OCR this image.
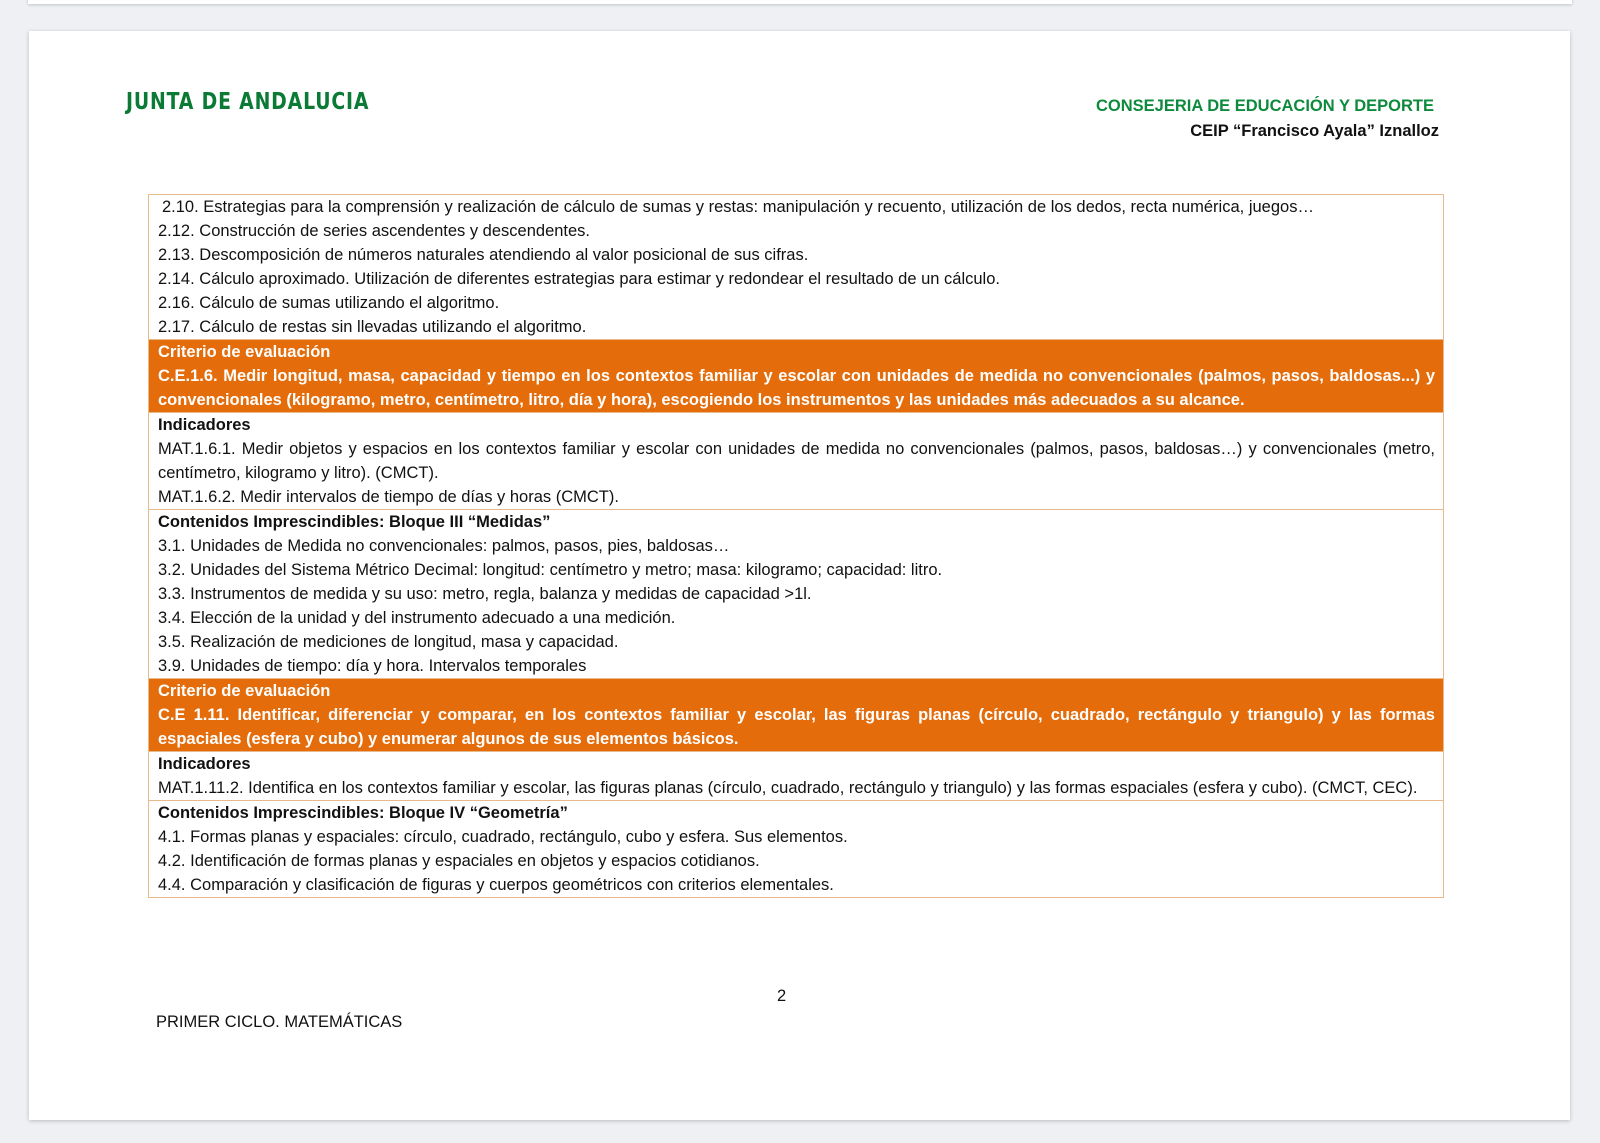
JUNTA DE ANDALUCIA	CONSEJERIA DE EDUCACIÓN Y DEPORTE
CEIP “Francisco Ayala” Iznalloz
2.10. Estrategias para la comprensión y realización de cálculo de sumas y restas: manipulación y recuento, utilización de los dedos, recta numérica, juegos…
2.12. Construcción de series ascendentes y descendentes.
2.13. Descomposición de números naturales atendiendo al valor posicional de sus cifras.
2.14. Cálculo aproximado. Utilización de diferentes estrategias para estimar y redondear el resultado de un cálculo.
2.16. Cálculo de sumas utilizando el algoritmo.
2.17. Cálculo de restas sin llevadas utilizando el algoritmo.
Criterio de evaluación
C.E.1.6. Medir longitud, masa, capacidad y tiempo en los contextos familiar y escolar con unidades de medida no convencionales (palmos, pasos, baldosas...) y convencionales (kilogramo, metro, centímetro, litro, día y hora), escogiendo los instrumentos y las unidades más adecuados a su alcance.
Indicadores
MAT.1.6.1. Medir objetos y espacios en los contextos familiar y escolar con unidades de medida no convencionales (palmos, pasos, baldosas…) y convencionales (metro, centímetro, kilogramo y litro). (CMCT).
MAT.1.6.2. Medir intervalos de tiempo de días y horas (CMCT).
Contenidos Imprescindibles: Bloque III “Medidas”
3.1. Unidades de Medida no convencionales: palmos, pasos, pies, baldosas…
3.2. Unidades del Sistema Métrico Decimal: longitud: centímetro y metro; masa: kilogramo; capacidad: litro.
3.3. Instrumentos de medida y su uso: metro, regla, balanza y medidas de capacidad >1l.
3.4. Elección de la unidad y del instrumento adecuado a una medición.
3.5. Realización de mediciones de longitud, masa y capacidad.
3.9. Unidades de tiempo: día y hora. Intervalos temporales
Criterio de evaluación
C.E 1.11. Identificar, diferenciar y comparar, en los contextos familiar y escolar, las figuras planas (círculo, cuadrado, rectángulo y triangulo) y las formas espaciales (esfera y cubo) y enumerar algunos de sus elementos básicos.
Indicadores
MAT.1.11.2. Identifica en los contextos familiar y escolar, las figuras planas (círculo, cuadrado, rectángulo y triangulo) y las formas espaciales (esfera y cubo). (CMCT, CEC).
Contenidos Imprescindibles: Bloque IV “Geometría”
4.1. Formas planas y espaciales: círculo, cuadrado, rectángulo, cubo y esfera. Sus elementos.
4.2. Identificación de formas planas y espaciales en objetos y espacios cotidianos.
4.4. Comparación y clasificación de figuras y cuerpos geométricos con criterios elementales.
2
PRIMER CICLO. MATEMÁTICAS
